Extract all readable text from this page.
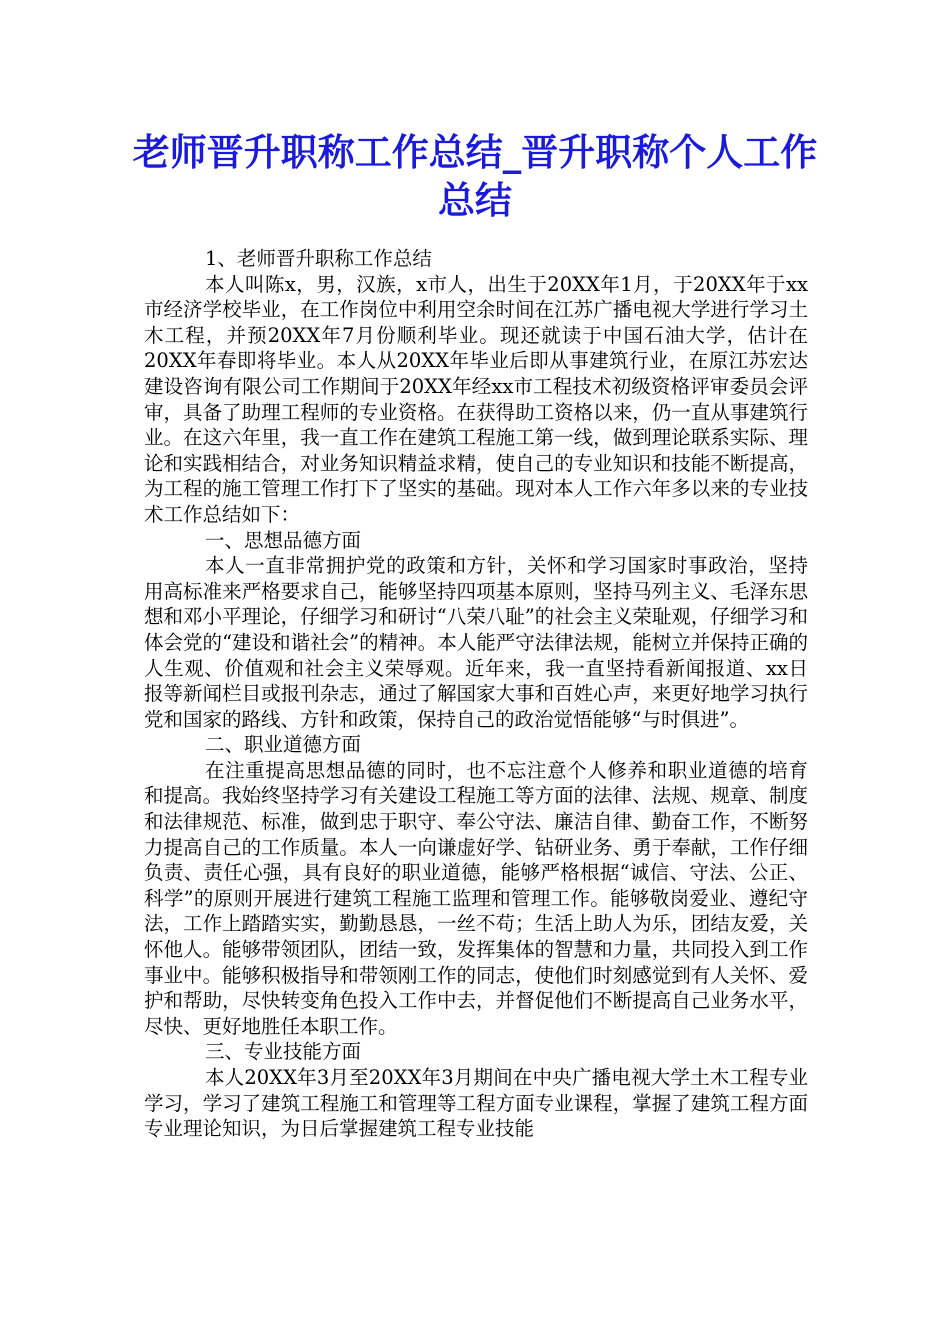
老师晋升职称工作总结_晋升职称个人工作总结

1、老师晋升职称工作总结

本人叫陈x，男，汉族，x市人，出生于20XX年1月，于20XX年于xx市经济学校毕业，在工作岗位中利用空余时间在江苏广播电视大学进行学习土木工程，并预20XX年7月份顺利毕业。现还就读于中国石油大学，估计在20XX年春即将毕业。本人从20XX年毕业后即从事建筑行业，在原江苏宏达建设咨询有限公司工作期间于20XX年经xx市工程技术初级资格评审委员会评审，具备了助理工程师的专业资格。在获得助工资格以来，仍一直从事建筑行业。在这六年里，我一直工作在建筑工程施工第一线，做到理论联系实际、理论和实践相结合，对业务知识精益求精，使自己的专业知识和技能不断提高，为工程的施工管理工作打下了坚实的基础。现对本人工作六年多以来的专业技术工作总结如下：

一、思想品德方面

本人一直非常拥护党的政策和方针，关怀和学习国家时事政治，坚持用高标准来严格要求自己，能够坚持四项基本原则，坚持马列主义、毛泽东思想和邓小平理论，仔细学习和研讨“八荣八耻”的社会主义荣耻观，仔细学习和体会党的“建设和谐社会”的精神。本人能严守法律法规，能树立并保持正确的人生观、价值观和社会主义荣辱观。近年来，我一直坚持看新闻报道、xx日报等新闻栏目或报刊杂志，通过了解国家大事和百姓心声，来更好地学习执行党和国家的路线、方针和政策，保持自己的政治觉悟能够“与时俱进”。

二、职业道德方面

在注重提高思想品德的同时，也不忘注意个人修养和职业道德的培育和提高。我始终坚持学习有关建设工程施工等方面的法律、法规、规章、制度和法律规范、标准，做到忠于职守、奉公守法、廉洁自律、勤奋工作，不断努力提高自己的工作质量。本人一向谦虚好学、钻研业务、勇于奉献，工作仔细负责、责任心强，具有良好的职业道德，能够严格根据“诚信、守法、公正、科学”的原则开展进行建筑工程施工监理和管理工作。能够敬岗爱业、遵纪守法，工作上踏踏实实，勤勤恳恳，一丝不苟；生活上助人为乐，团结友爱，关怀他人。能够带领团队，团结一致，发挥集体的智慧和力量，共同投入到工作事业中。能够积极指导和带领刚工作的同志，使他们时刻感觉到有人关怀、爱护和帮助，尽快转变角色投入工作中去，并督促他们不断提高自己业务水平，尽快、更好地胜任本职工作。

三、专业技能方面

本人20XX年3月至20XX年3月期间在中央广播电视大学土木工程专业学习，学习了建筑工程施工和管理等工程方面专业课程，掌握了建筑工程方面专业理论知识，为日后掌握建筑工程专业技能
